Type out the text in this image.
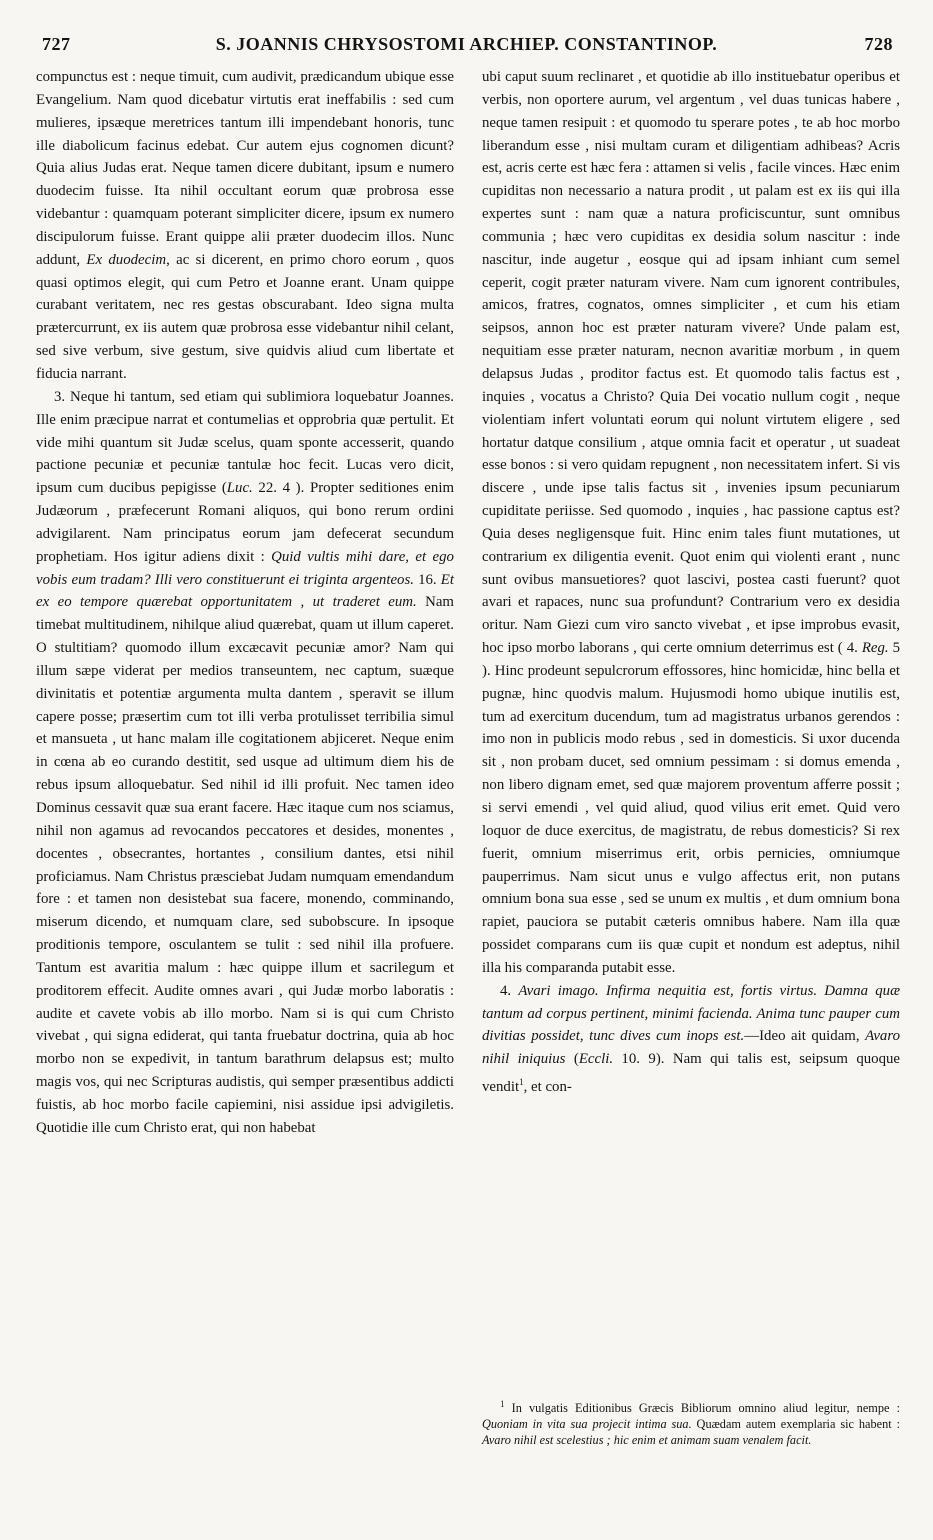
727	S. JOANNIS CHRYSOSTOMI ARCHIEP. CONSTANTINOP.	728

compunctus est : neque timuit, cum audivit, prædicandum ubique esse Evangelium. Nam quod dicebatur virtutis erat ineffabilis : sed cum mulieres, ipsæque meretrices tantum illi impendebant honoris, tunc ille diabolicum facinus edebat. Cur autem ejus cognomen dicunt? Quia alius Judas erat. Neque tamen dicere dubitant, ipsum e numero duodecim fuisse. Ita nihil occultant eorum quæ probrosa esse videbantur : quamquam poterant simpliciter dicere, ipsum ex numero discipulorum fuisse. Erant quippe alii præter duodecim illos. Nunc addunt, Ex duodecim, ac si dicerent, en primo choro eorum , quos quasi optimos elegit, qui cum Petro et Joanne erant. Unam quippe curabant veritatem, nec res gestas obscurabant. Ideo signa multa prætercurrunt, ex iis autem quæ probrosa esse videbantur nihil celant, sed sive verbum, sive gestum, sive quidvis aliud cum libertate et fiducia narrant.

3. Neque hi tantum, sed etiam qui sublimiora loquebatur Joannes. Ille enim præcipue narrat et contumelias et opprobria quæ pertulit. Et vide mihi quantum sit Judæ scelus, quam sponte accesserit, quando pactione pecuniæ et pecuniæ tantulæ hoc fecit. Lucas vero dicit, ipsum cum ducibus pepigisse (Luc. 22. 4 ). Propter seditiones enim Judæorum , præfecerunt Romani aliquos, qui bono rerum ordini advigilarent. Nam principatus eorum jam defecerat secundum prophetiam. Hos igitur adiens dixit : Quid vultis mihi dare, et ego vobis eum tradam? Illi vero constituerunt ei triginta argenteos. 16. Et ex eo tempore quærebat opportunitatem , ut traderet eum. Nam timebat multitudinem, nihilque aliud quærebat, quam ut illum caperet. O stultitiam? quomodo illum excæcavit pecuniæ amor? Nam qui illum sæpe viderat per medios transeuntem, nec captum, suæque divinitatis et potentiæ argumenta multa dantem , speravit se illum capere posse; præsertim cum tot illi verba protulisset terribilia simul et mansueta , ut hanc malam ille cogitationem abjiceret. Neque enim in cœna ab eo curando destitit, sed usque ad ultimum diem his de rebus ipsum alloquebatur. Sed nihil id illi profuit. Nec tamen ideo Dominus cessavit quæ sua erant facere. Hæc itaque cum nos sciamus, nihil non agamus ad revocandos peccatores et desides, monentes , docentes , obsecrantes, hortantes , consilium dantes, etsi nihil proficiamus. Nam Christus præsciebat Judam numquam emendandum fore : et tamen non desistebat sua facere, monendo, comminando, miserum dicendo, et numquam clare, sed subobscure. In ipsoque proditionis tempore, osculantem se tulit : sed nihil illa profuere. Tantum est avaritia malum : hæc quippe illum et sacrilegum et proditorem effecit. Audite omnes avari , qui Judæ morbo laboratis : audite et cavete vobis ab illo morbo. Nam si is qui cum Christo vivebat , qui signa ediderat, qui tanta fruebatur doctrina, quia ab hoc morbo non se expedivit, in tantum barathrum delapsus est; multo magis vos, qui nec Scripturas audistis, qui semper præsentibus addicti fuistis, ab hoc morbo facile capiemini, nisi assidue ipsi advigiletis. Quotidie ille cum Christo erat, qui non habebat

ubi caput suum reclinaret , et quotidie ab illo instituebatur operibus et verbis, non oportere aurum, vel argentum , vel duas tunicas habere , neque tamen resipuit : et quomodo tu sperare potes , te ab hoc morbo liberandum esse , nisi multam curam et diligentiam adhibeas? Acris est, acris certe est hæc fera : attamen si velis , facile vinces. Hæc enim cupiditas non necessario a natura prodit , ut palam est ex iis qui illa expertes sunt : nam quæ a natura proficiscuntur, sunt omnibus communia ; hæc vero cupiditas ex desidia solum nascitur : inde nascitur, inde augetur , eosque qui ad ipsam inhiant cum semel ceperit, cogit præter naturam vivere. Nam cum ignorent contribules, amicos, fratres, cognatos, omnes simpliciter , et cum his etiam seipsos, annon hoc est præter naturam vivere? Unde palam est, nequitiam esse præter naturam, necnon avaritiæ morbum , in quem delapsus Judas , proditor factus est. Et quomodo talis factus est , inquies , vocatus a Christo? Quia Dei vocatio nullum cogit , neque violentiam infert voluntati eorum qui nolunt virtutem eligere , sed hortatur datque consilium , atque omnia facit et operatur , ut suadeat esse bonos : si vero quidam repugnent , non necessitatem infert. Si vis discere , unde ipse talis factus sit , invenies ipsum pecuniarum cupiditate periisse. Sed quomodo , inquies , hac passione captus est? Quia deses negligensque fuit. Hinc enim tales fiunt mutationes, ut contrarium ex diligentia evenit. Quot enim qui violenti erant , nunc sunt ovibus mansuetiores? quot lascivi, postea casti fuerunt? quot avari et rapaces, nunc sua profundunt? Contrarium vero ex desidia oritur. Nam Giezi cum viro sancto vivebat , et ipse improbus evasit, hoc ipso morbo laborans , qui certe omnium deterrimus est ( 4. Reg. 5 ). Hinc prodeunt sepulcrorum effossores, hinc homicidæ, hinc bella et pugnæ, hinc quodvis malum. Hujusmodi homo ubique inutilis est, tum ad exercitum ducendum, tum ad magistratus urbanos gerendos : imo non in publicis modo rebus , sed in domesticis. Si uxor ducenda sit , non probam ducet, sed omnium pessimam : si domus emenda , non libero dignam emet, sed quæ majorem proventum afferre possit ; si servi emendi , vel quid aliud, quod vilius erit emet. Quid vero loquor de duce exercitus, de magistratu, de rebus domesticis? Si rex fuerit, omnium miserrimus erit, orbis pernicies, omniumque pauperrimus. Nam sicut unus e vulgo affectus erit, non putans omnium bona sua esse , sed se unum ex multis , et dum omnium bona rapiet, pauciora se putabit cæteris omnibus habere. Nam illa quæ possidet comparans cum iis quæ cupit et nondum est adeptus, nihil illa his comparanda putabit esse.

4. Avari imago. Infirma nequitia est, fortis virtus. Damna quæ tantum ad corpus pertinent, minimi facienda. Anima tunc pauper cum divitias possidet, tunc dives cum inops est.—Ideo ait quidam, Avaro nihil iniquius (Eccli. 10. 9). Nam qui talis est, seipsum quoque vendit$^1$, et con-

$^1$ In vulgatis Editionibus Græcis Bibliorum omnino aliud legitur, nempe : Quoniam in vita sua projecit intima sua. Quædam autem exemplaria sic habent : Avaro nihil est scelestius ; hic enim et animam suam venalem facit.
